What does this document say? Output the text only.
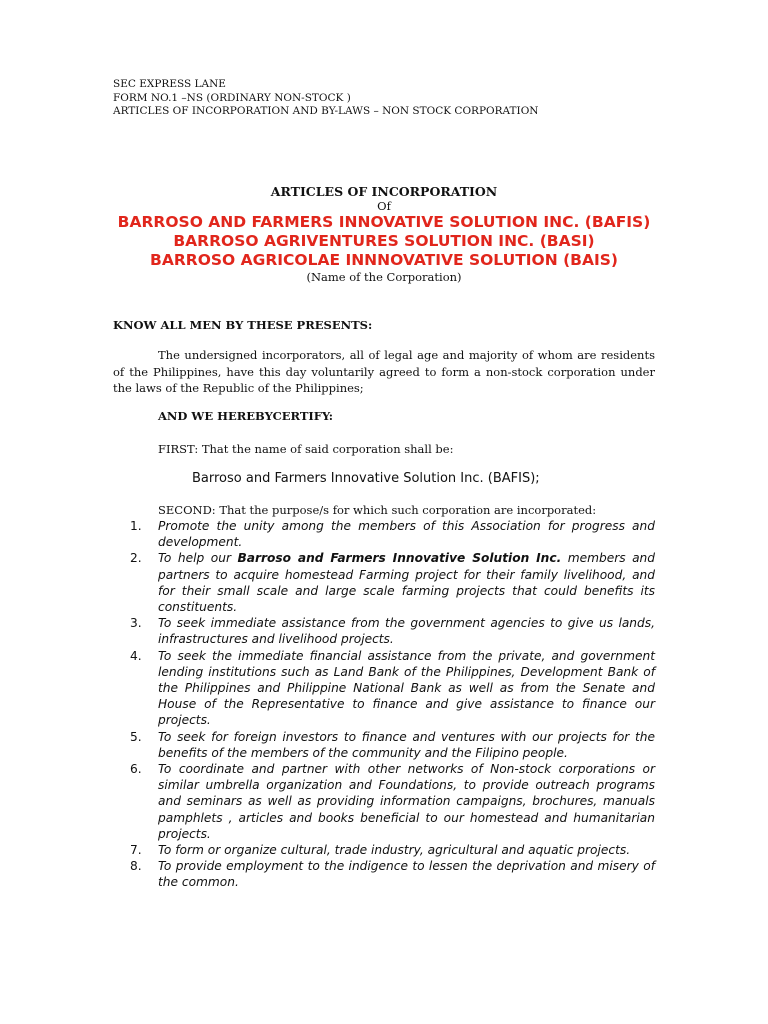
SEC EXPRESS LANE
FORM NO.1 –NS (ORDINARY NON-STOCK )
ARTICLES OF INCORPORATION AND BY-LAWS – NON STOCK CORPORATION
ARTICLES OF INCORPORATION
Of
BARROSO AND FARMERS INNOVATIVE SOLUTION INC. (BAFIS)
BARROSO AGRIVENTURES SOLUTION INC. (BASI)
BARROSO AGRICOLAE INNNOVATIVE SOLUTION (BAIS)
(Name of the Corporation)
KNOW ALL MEN BY THESE PRESENTS:
The undersigned incorporators, all of legal age and majority of whom are residents of the Philippines, have this day voluntarily agreed to form a non-stock corporation under the laws of the Republic of the Philippines;
AND WE HEREBYCERTIFY:
FIRST: That the name of said corporation shall be:
Barroso and Farmers Innovative Solution Inc. (BAFIS);
SECOND: That the purpose/s for which such corporation are incorporated:
1.	Promote the unity among the members of this Association for progress and development.
2.	To help our Barroso and Farmers Innovative Solution Inc. members and partners to acquire homestead Farming project for their family livelihood, and for their small scale and large scale farming projects that could benefits its constituents.
3.	To seek immediate assistance from the government agencies to give us lands, infrastructures and livelihood projects.
4.	To seek the immediate financial assistance from the private, and government lending institutions such as Land Bank of the Philippines, Development Bank of the Philippines and Philippine National Bank as well as from the Senate and House of the Representative to finance and give assistance to finance our projects.
5.	To seek for foreign investors to finance and ventures with our projects for the benefits of the members of the community and the Filipino people.
6.	To coordinate and partner with other networks of Non-stock corporations or similar umbrella organization and Foundations, to provide outreach programs and seminars as well as providing information campaigns, brochures, manuals pamphlets , articles and books beneficial to our homestead and humanitarian projects.
7.	To form or organize cultural, trade industry, agricultural and aquatic projects.
8.	To provide employment to the indigence to lessen the deprivation and misery of the common.
